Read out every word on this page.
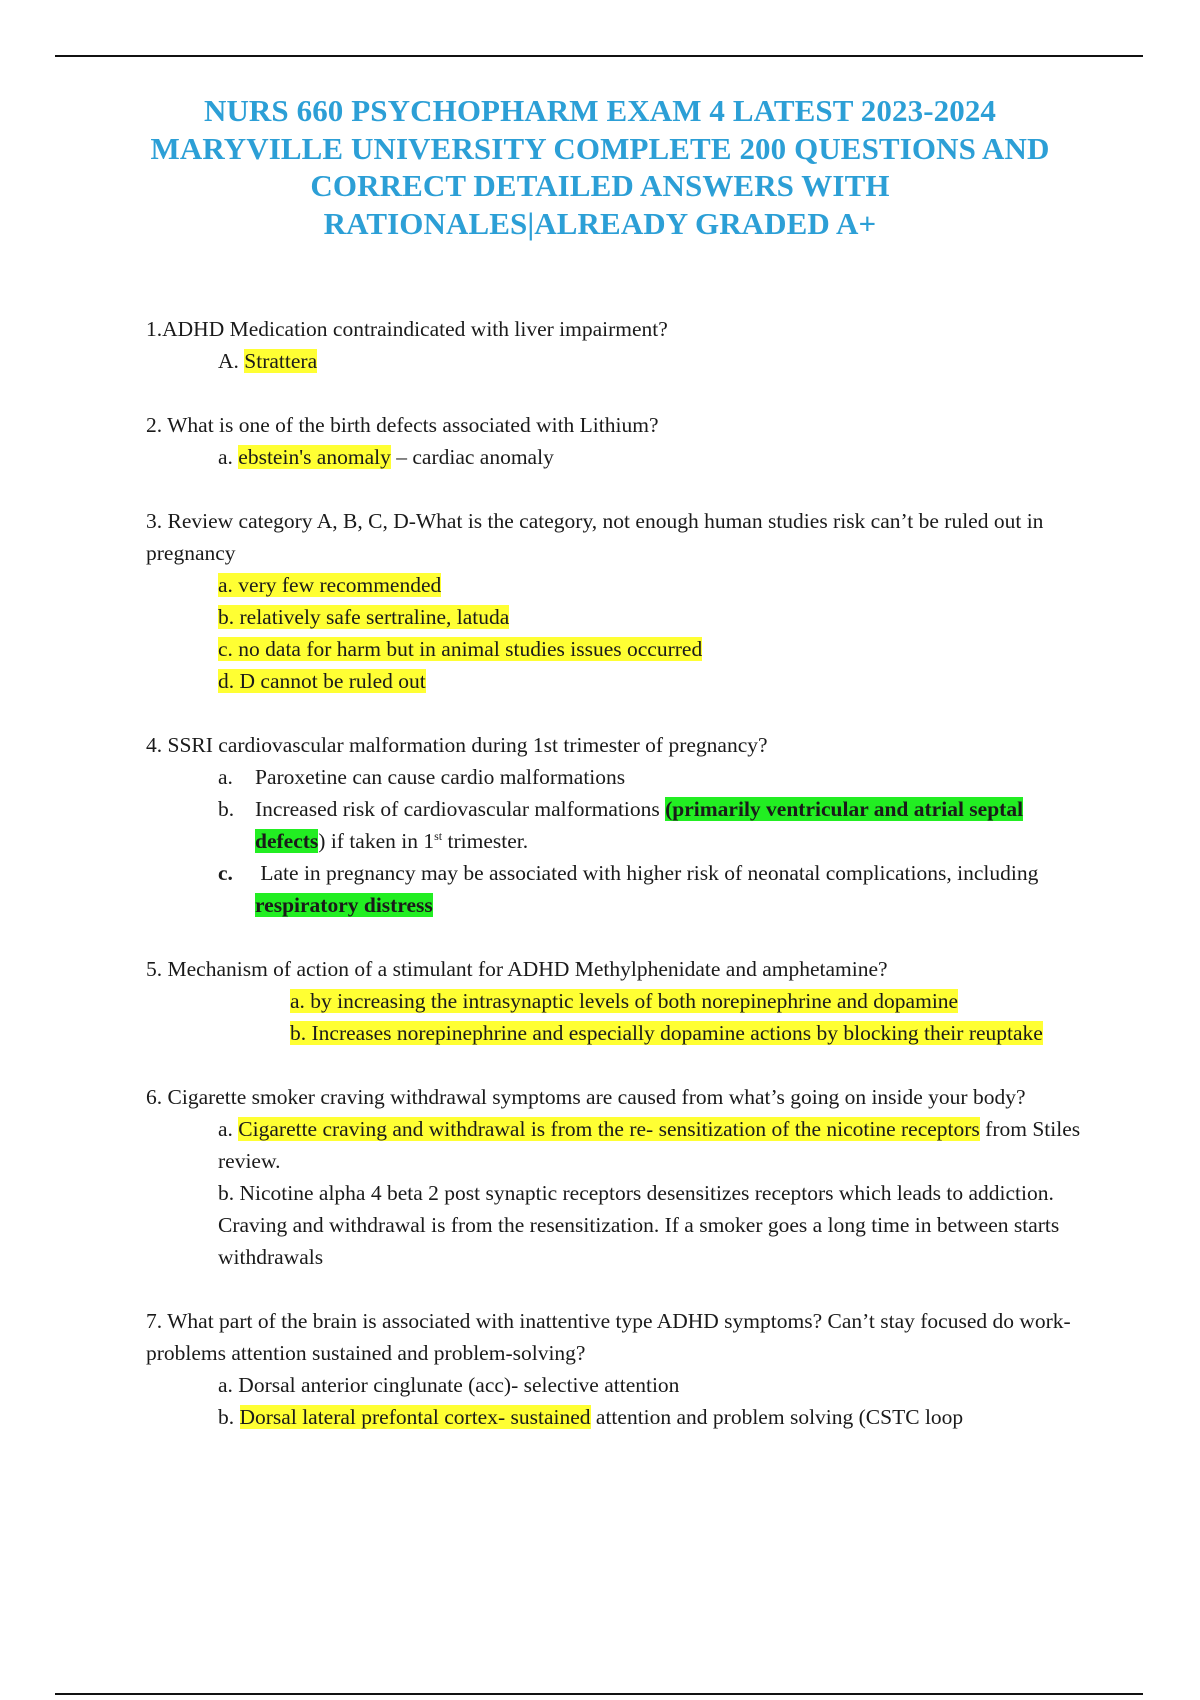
NURS 660 PSYCHOPHARM EXAM 4 LATEST 2023-2024
MARYVILLE UNIVERSITY COMPLETE 200 QUESTIONS AND
CORRECT DETAILED ANSWERS WITH
RATIONALES|ALREADY GRADED A+
1.ADHD Medication contraindicated with liver impairment?
A. Strattera
2. What is one of the birth defects associated with Lithium?
a. ebstein's anomaly – cardiac anomaly
3. Review category A, B, C, D-What is the category, not enough human studies risk can’t be ruled out in pregnancy
a. very few recommended
b. relatively safe sertraline, latuda
c. no data for harm but in animal studies issues occurred
d. D cannot be ruled out
4. SSRI cardiovascular malformation during 1st trimester of pregnancy?
a. Paroxetine can cause cardio malformations
b. Increased risk of cardiovascular malformations (primarily ventricular and atrial septal defects) if taken in 1st trimester.
c. Late in pregnancy may be associated with higher risk of neonatal complications, including respiratory distress
5. Mechanism of action of a stimulant for ADHD Methylphenidate and amphetamine?
a. by increasing the intrasynaptic levels of both norepinephrine and dopamine
b. Increases norepinephrine and especially dopamine actions by blocking their reuptake
6. Cigarette smoker craving withdrawal symptoms are caused from what’s going on inside your body?
a. Cigarette craving and withdrawal is from the re- sensitization of the nicotine receptors from Stiles review.
b. Nicotine alpha 4 beta 2 post synaptic receptors desensitizes receptors which leads to addiction. Craving and withdrawal is from the resensitization. If a smoker goes a long time in between starts withdrawals
7. What part of the brain is associated with inattentive type ADHD symptoms? Can’t stay focused do work-problems attention sustained and problem-solving?
a. Dorsal anterior cinglunate (acc)- selective attention
b. Dorsal lateral prefontal cortex- sustained attention and problem solving (CSTC loop
